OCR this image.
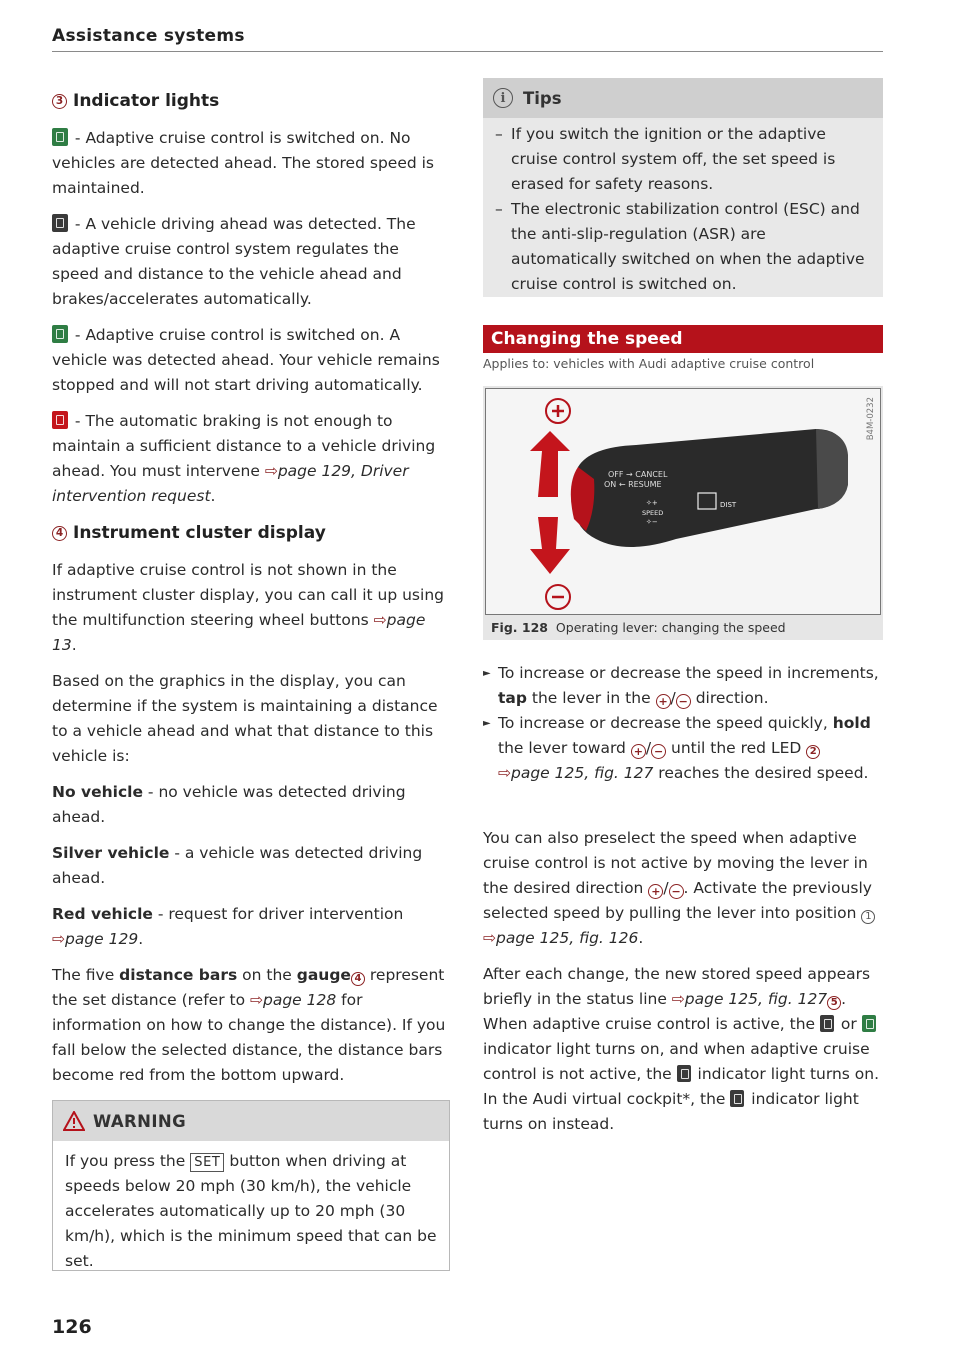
Assistance systems
3 Indicator lights

- Adaptive cruise control is switched on. No vehicles are detected ahead. The stored speed is maintained.

- A vehicle driving ahead was detected. The adaptive cruise control system regulates the speed and distance to the vehicle ahead and brakes/accelerates automatically.

- Adaptive cruise control is switched on. A vehicle was detected ahead. Your vehicle remains stopped and will not start driving automatically.

- The automatic braking is not enough to maintain a sufficient distance to a vehicle driving ahead. You must intervene ⇨page 129, Driver intervention request.

4 Instrument cluster display

If adaptive cruise control is not shown in the instrument cluster display, you can call it up using the multifunction steering wheel buttons ⇨page 13.

Based on the graphics in the display, you can determine if the system is maintaining a distance to a vehicle ahead and what that distance to this vehicle is:

No vehicle - no vehicle was detected driving ahead.

Silver vehicle - a vehicle was detected driving ahead.

Red vehicle - request for driver intervention ⇨page 129.

The five distance bars on the gauge 4 represent the set distance (refer to ⇨page 128 for information on how to change the distance). If you fall below the selected distance, the distance bars become red from the bottom upward.

WARNING
If you press the SET button when driving at speeds below 20 mph (30 km/h), the vehicle accelerates automatically up to 20 mph (30 km/h), which is the minimum speed that can be set.
126
i	Tips
– If you switch the ignition or the adaptive cruise control system off, the set speed is erased for safety reasons.
– The electronic stabilization control (ESC) and the anti-slip-regulation (ASR) are automatically switched on when the adaptive cruise control is switched on.
Changing the speed
Applies to: vehicles with Audi adaptive cruise control
OFF → CANCEL
ON ← RESUME
✧+
SPEED
✧−
DIST
B4M-0232
Fig. 128 Operating lever: changing the speed

► To increase or decrease the speed in increments, tap the lever in the + / − direction.

► To increase or decrease the speed quickly, hold the lever toward + / − until the red LED 2
⇨page 125, fig. 127 reaches the desired speed.

You can also preselect the speed when adaptive cruise control is not active by moving the lever in the desired direction + / − . Activate the previously selected speed by pulling the lever into position 1 ⇨page 125, fig. 126.

After each change, the new stored speed appears briefly in the status line ⇨page 125, fig. 127 5 . When adaptive cruise control is active, the  or  indicator light turns on, and when adaptive cruise control is not active, the  indicator light turns on. In the Audi virtual cockpit*, the  indicator light turns on instead.
